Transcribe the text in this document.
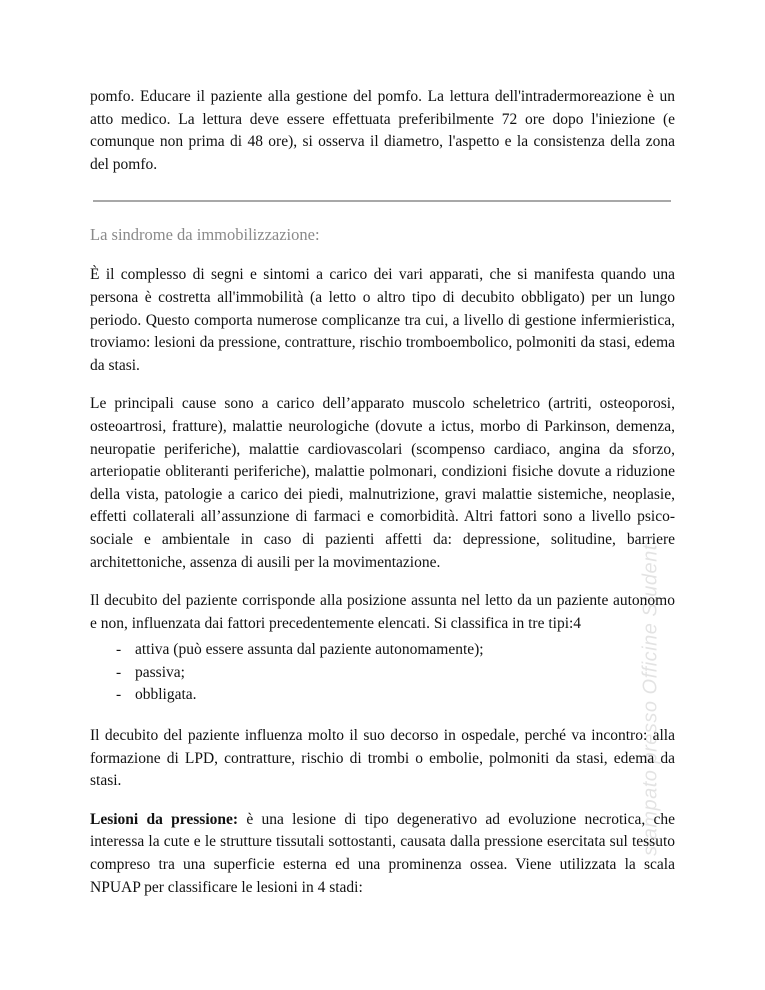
pomfo. Educare il paziente alla gestione del pomfo. La lettura dell'intradermoreazione è un atto medico. La lettura deve essere effettuata preferibilmente 72 ore dopo l'iniezione (e comunque non prima di 48 ore), si osserva il diametro, l'aspetto e la consistenza della zona del pomfo.

La sindrome da immobilizzazione:

È il complesso di segni e sintomi a carico dei vari apparati, che si manifesta quando una persona è costretta all'immobilità (a letto o altro tipo di decubito obbligato) per un lungo periodo. Questo comporta numerose complicanze tra cui, a livello di gestione infermieristica, troviamo: lesioni da pressione, contratture, rischio tromboembolico, polmoniti da stasi, edema da stasi.

Le principali cause sono a carico dell’apparato muscolo scheletrico (artriti, osteoporosi, osteoartrosi, fratture), malattie neurologiche (dovute a ictus, morbo di Parkinson, demenza, neuropatie periferiche), malattie cardiovascolari (scompenso cardiaco, angina da sforzo, arteriopatie obliteranti periferiche), malattie polmonari, condizioni fisiche dovute a riduzione della vista, patologie a carico dei piedi, malnutrizione, gravi malattie sistemiche, neoplasie, effetti collaterali all’assunzione di farmaci e comorbidità. Altri fattori sono a livello psico-sociale e ambientale in caso di pazienti affetti da: depressione, solitudine, barriere architettoniche, assenza di ausili per la movimentazione.

Il decubito del paziente corrisponde alla posizione assunta nel letto da un paziente autonomo e non, influenzata dai fattori precedentemente elencati. Si classifica in tre tipi:4

- attiva (può essere assunta dal paziente autonomamente);
- passiva;
- obbligata.

Il decubito del paziente influenza molto il suo decorso in ospedale, perché va incontro: alla formazione di LPD, contratture, rischio di trombi o embolie, polmoniti da stasi, edema da stasi.

Lesioni da pressione: è una lesione di tipo degenerativo ad evoluzione necrotica, che interessa la cute e le strutture tissutali sottostanti, causata dalla pressione esercitata sul tessuto compreso tra una superficie esterna ed una prominenza ossea. Viene utilizzata la scala NPUAP per classificare le lesioni in 4 stadi:

stampato presso Officine Student
